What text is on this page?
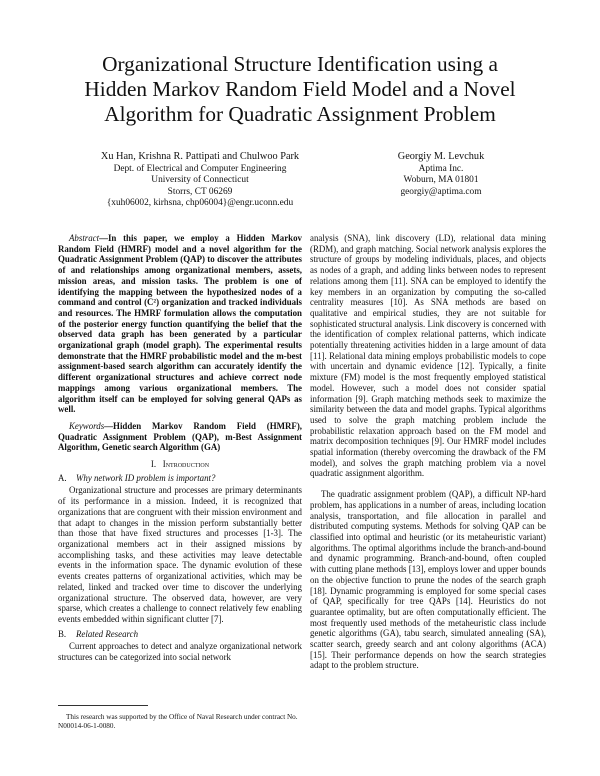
Organizational Structure Identification using a
Hidden Markov Random Field Model and a Novel
Algorithm for Quadratic Assignment Problem
Xu Han, Krishna R. Pattipati and Chulwoo Park
Dept. of Electrical and Computer Engineering
University of Connecticut
Storrs, CT 06269
{xuh06002, kirhsna, chp06004}@engr.uconn.edu
Georgiy M. Levchuk
Aptima Inc.
Woburn, MA 01801
georgiy@aptima.com
Abstract—In this paper, we employ a Hidden Markov Random Field (HMRF) model and a novel algorithm for the Quadratic Assignment Problem (QAP) to discover the attributes of and relationships among organizational members, assets, mission areas, and mission tasks. The problem is one of identifying the mapping between the hypothesized nodes of a command and control (C²) organization and tracked individuals and resources. The HMRF formulation allows the computation of the posterior energy function quantifying the belief that the observed data graph has been generated by a particular organizational graph (model graph). The experimental results demonstrate that the HMRF probabilistic model and the m-best assignment-based search algorithm can accurately identify the different organizational structures and achieve correct node mappings among various organizational members. The algorithm itself can be employed for solving general QAPs as well.
Keywords—Hidden Markov Random Field (HMRF), Quadratic Assignment Problem (QAP), m-Best Assignment Algorithm, Genetic search Algorithm (GA)
I. Introduction
A. Why network ID problem is important?
Organizational structure and processes are primary determinants of its performance in a mission. Indeed, it is recognized that organizations that are congruent with their mission environment and that adapt to changes in the mission perform substantially better than those that have fixed structures and processes [1-3]. The organizational members act in their assigned missions by accomplishing tasks, and these activities may leave detectable events in the information space. The dynamic evolution of these events creates patterns of organizational activities, which may be related, linked and tracked over time to discover the underlying organizational structure. The observed data, however, are very sparse, which creates a challenge to connect relatively few enabling events embedded within significant clutter [7].
B. Related Research
Current approaches to detect and analyze organizational network structures can be categorized into social network
analysis (SNA), link discovery (LD), relational data mining (RDM), and graph matching. Social network analysis explores the structure of groups by modeling individuals, places, and objects as nodes of a graph, and adding links between nodes to represent relations among them [11]. SNA can be employed to identify the key members in an organization by computing the so-called centrality measures [10]. As SNA methods are based on qualitative and empirical studies, they are not suitable for sophisticated structural analysis. Link discovery is concerned with the identification of complex relational patterns, which indicate potentially threatening activities hidden in a large amount of data [11]. Relational data mining employs probabilistic models to cope with uncertain and dynamic evidence [12]. Typically, a finite mixture (FM) model is the most frequently employed statistical model. However, such a model does not consider spatial information [9]. Graph matching methods seek to maximize the similarity between the data and model graphs. Typical algorithms used to solve the graph matching problem include the probabilistic relaxation approach based on the FM model and matrix decomposition techniques [9]. Our HMRF model includes spatial information (thereby overcoming the drawback of the FM model), and solves the graph matching problem via a novel quadratic assignment algorithm.
The quadratic assignment problem (QAP), a difficult NP-hard problem, has applications in a number of areas, including location analysis, transportation, and file allocation in parallel and distributed computing systems. Methods for solving QAP can be classified into optimal and heuristic (or its metaheuristic variant) algorithms. The optimal algorithms include the branch-and-bound and dynamic programming. Branch-and-bound, often coupled with cutting plane methods [13], employs lower and upper bounds on the objective function to prune the nodes of the search graph [18]. Dynamic programming is employed for some special cases of QAP, specifically for tree QAPs [14]. Heuristics do not guarantee optimality, but are often computationally efficient. The most frequently used methods of the metaheuristic class include genetic algorithms (GA), tabu search, simulated annealing (SA), scatter search, greedy search and ant colony algorithms (ACA) [15]. Their performance depends on how the search strategies adapt to the problem structure.
This research was supported by the Office of Naval Research under contract No. N00014-06-1-0080.
